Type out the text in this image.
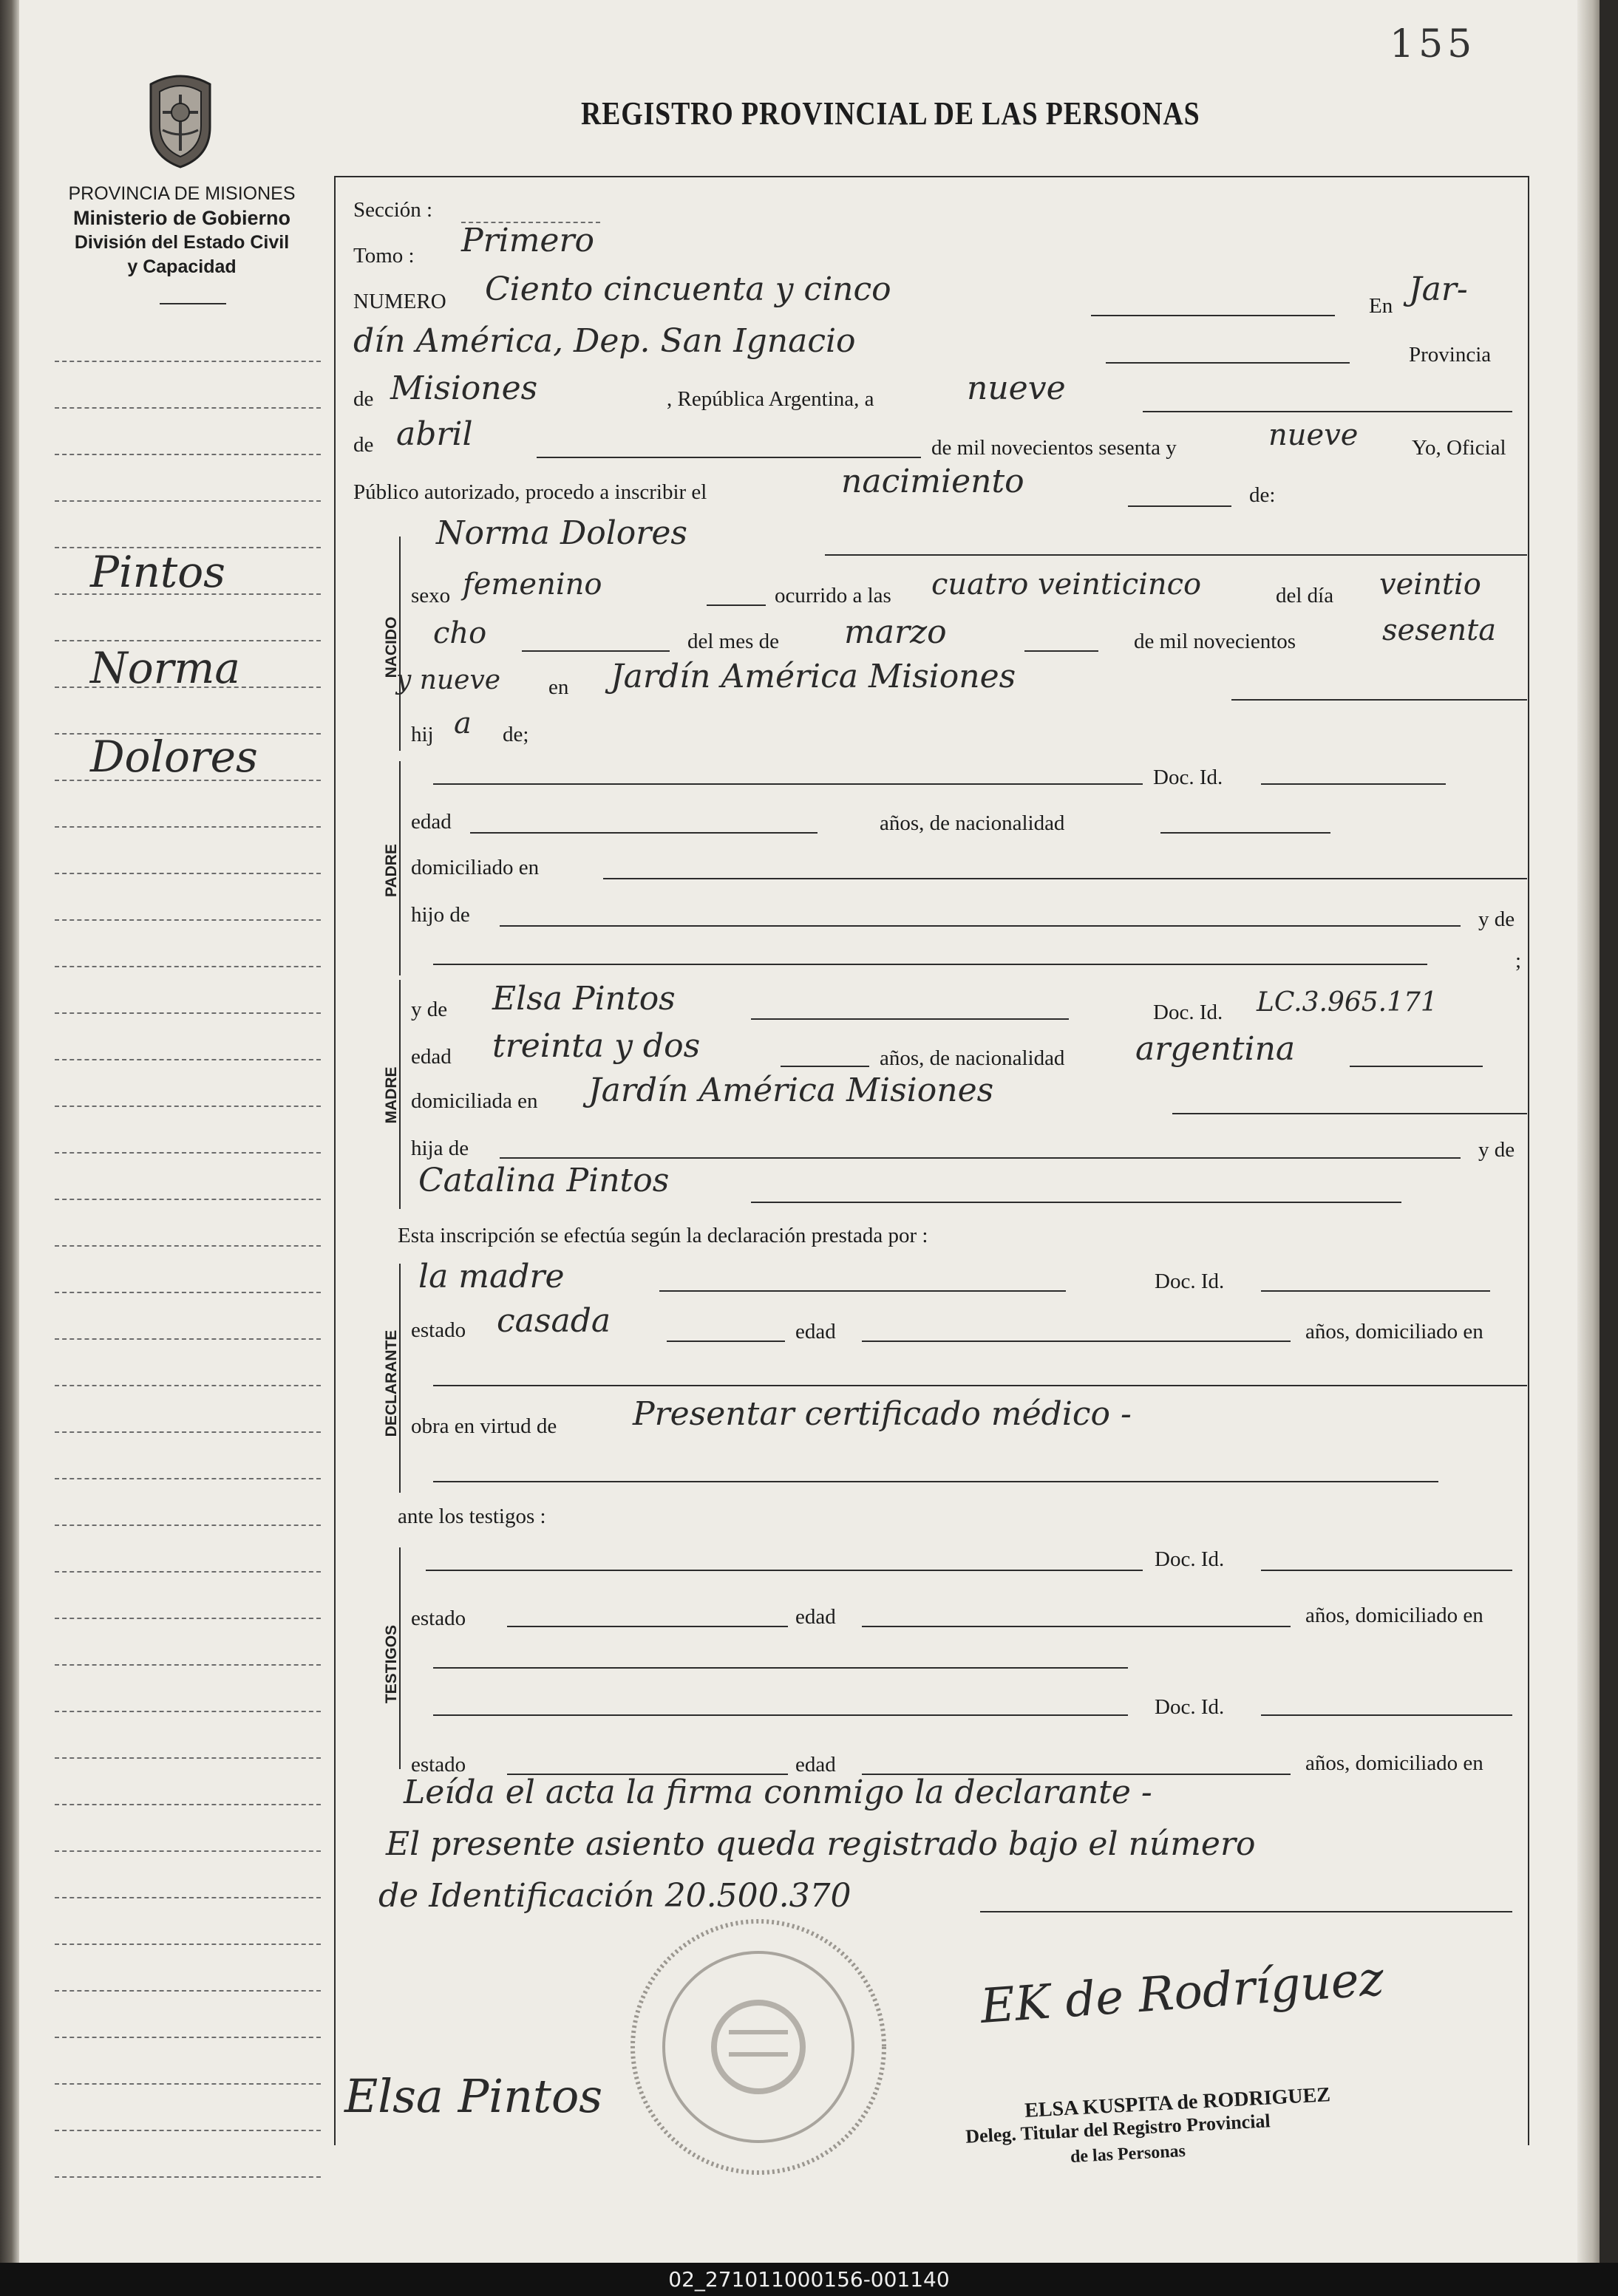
155
PROVINCIA DE MISIONES
Ministerio de Gobierno
División del Estado Civil
y Capacidad
REGISTRO PROVINCIAL DE LAS PERSONAS
Pintos
Norma
Dolores
Sección :
Tomo : Primero
NUMERO Ciento cincuenta y cinco	En Jar-
dín América, Dep. San Ignacio	Provincia
de Misiones	, República Argentina, a	nueve
de abril	de mil novecientos sesenta y	nueve	Yo, Oficial
Público autorizado, procedo a inscribir el	nacimiento	de:
NACIDO
Norma Dolores
sexo femenino	ocurrido a las cuatro veinticinco	del día veintio
cho	del mes de marzo	de mil novecientos	sesenta
y nueve en Jardín América Misiones
hij a de;
PADRE
Doc. Id.
edad	años, de nacionalidad
domiciliado en
hijo de	y de
;
MADRE
y de Elsa Pintos	Doc. Id. LC.3.965.171
edad treinta y dos	años, de nacionalidad argentina
domiciliada en Jardín América Misiones
hija de	y de
Catalina Pintos
Esta inscripción se efectúa según la declaración prestada por :
DECLARANTE
la madre	Doc. Id.
estado casada	edad	años, domiciliado en
obra en virtud de Presentar certificado médico -
ante los testigos :
TESTIGOS
Doc. Id.
estado	edad	años, domiciliado en
Doc. Id.
estado	edad	años, domiciliado en
Leída el acta la firma conmigo la declarante -
El presente asiento queda registrado bajo el número
de Identificación 20.500.370
EK de Rodríguez
ELSA KUSPITA de RODRIGUEZ
Deleg. Titular del Registro Provincial
de las Personas
Elsa Pintos
02_271011000156-001140
